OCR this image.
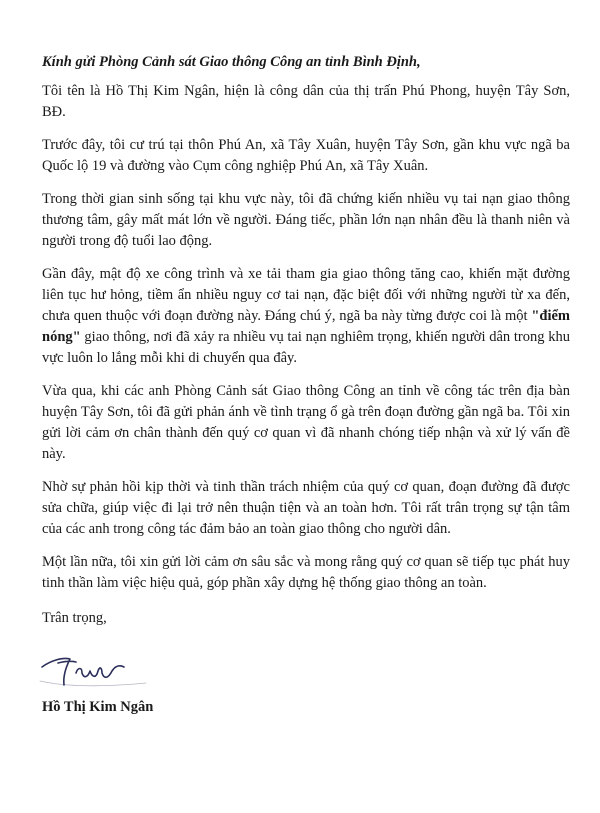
Kính gửi Phòng Cảnh sát Giao thông Công an tỉnh Bình Định,

Tôi tên là Hồ Thị Kim Ngân, hiện là công dân của thị trấn Phú Phong, huyện Tây Sơn, BĐ.

Trước đây, tôi cư trú tại thôn Phú An, xã Tây Xuân, huyện Tây Sơn, gần khu vực ngã ba Quốc lộ 19 và đường vào Cụm công nghiệp Phú An, xã Tây Xuân.

Trong thời gian sinh sống tại khu vực này, tôi đã chứng kiến nhiều vụ tai nạn giao thông thương tâm, gây mất mát lớn về người. Đáng tiếc, phần lớn nạn nhân đều là thanh niên và người trong độ tuổi lao động.

Gần đây, mật độ xe công trình và xe tải tham gia giao thông tăng cao, khiến mặt đường liên tục hư hỏng, tiềm ẩn nhiều nguy cơ tai nạn, đặc biệt đối với những người từ xa đến, chưa quen thuộc với đoạn đường này. Đáng chú ý, ngã ba này từng được coi là một "điểm nóng" giao thông, nơi đã xảy ra nhiều vụ tai nạn nghiêm trọng, khiến người dân trong khu vực luôn lo lắng mỗi khi di chuyển qua đây.

Vừa qua, khi các anh Phòng Cảnh sát Giao thông Công an tỉnh về công tác trên địa bàn huyện Tây Sơn, tôi đã gửi phản ánh về tình trạng ổ gà trên đoạn đường gần ngã ba. Tôi xin gửi lời cảm ơn chân thành đến quý cơ quan vì đã nhanh chóng tiếp nhận và xử lý vấn đề này.

Nhờ sự phản hồi kịp thời và tinh thần trách nhiệm của quý cơ quan, đoạn đường đã được sửa chữa, giúp việc đi lại trở nên thuận tiện và an toàn hơn. Tôi rất trân trọng sự tận tâm của các anh trong công tác đảm bảo an toàn giao thông cho người dân.

Một lần nữa, tôi xin gửi lời cảm ơn sâu sắc và mong rằng quý cơ quan sẽ tiếp tục phát huy tinh thần làm việc hiệu quả, góp phần xây dựng hệ thống giao thông an toàn.

Trân trọng,
Hồ Thị Kim Ngân
